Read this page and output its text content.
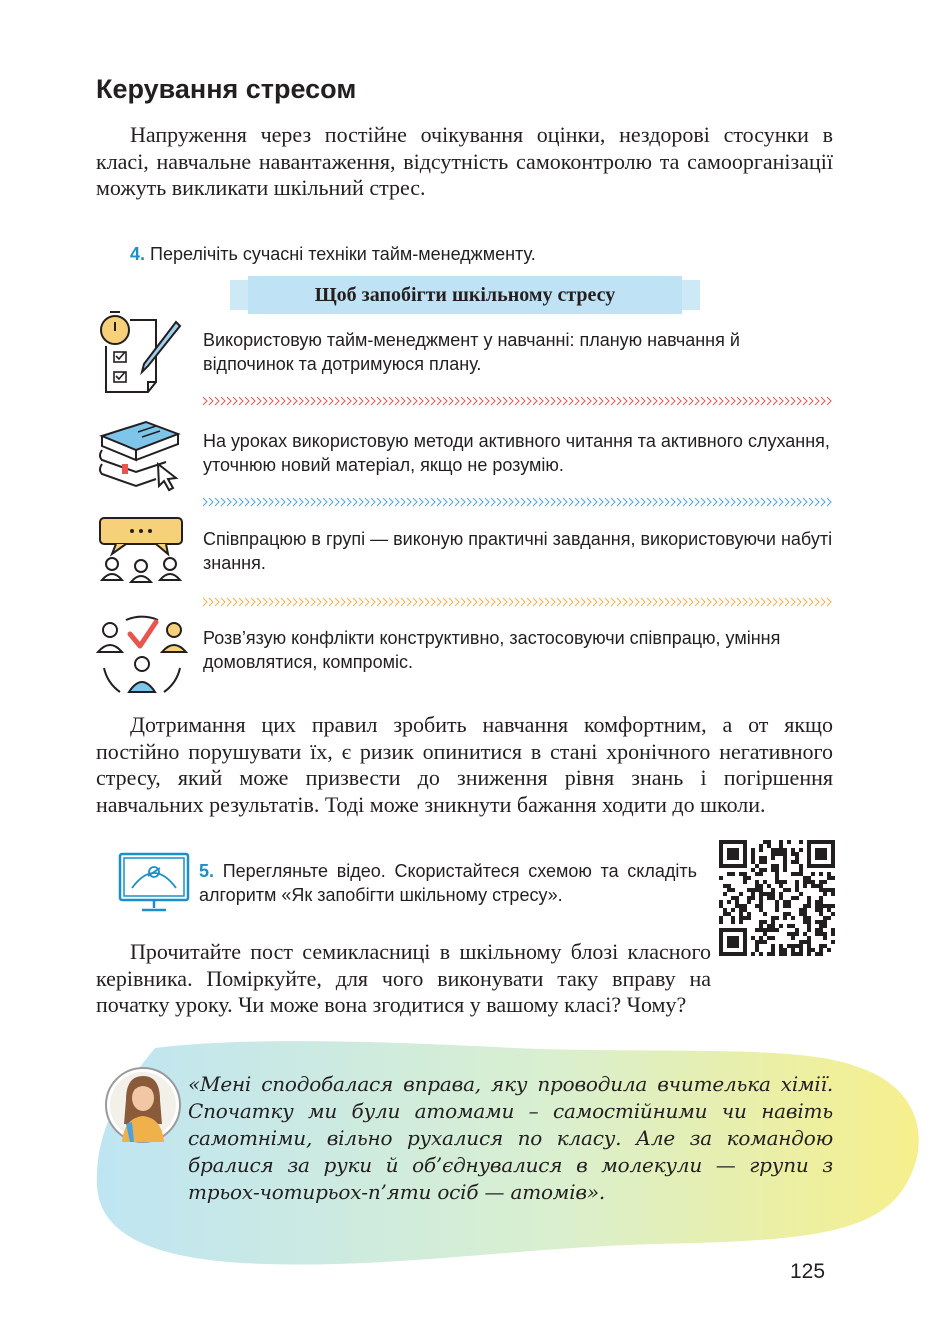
Керування стресом

Напруження через постійне очікування оцінки, нездорові стосунки в класі, навчальне навантаження, відсутність самоконтролю та самоорганізації можуть викликати шкільний стрес.

4. Перелічіть сучасні техніки тайм-менеджменту.
Щоб запобігти шкільному стресу
Використовую тайм-менеджмент у навчанні: планую навчання й відпочинок та дотримуюся плану.
На уроках використовую методи активного читання та активного слухання, уточнюю новий матеріал, якщо не розумію.
Співпрацюю в групі — виконую практичні завдання, використовуючи набуті знання.
Розв’язую конфлікти конструктивно, застосовуючи співпрацю, уміння домовлятися, компроміс.

Дотримання цих правил зробить навчання комфортним, а от якщо постійно порушувати їх, є ризик опинитися в стані хронічного негативного стресу, який може призвести до зниження рівня знань і погіршення навчальних результатів. Тоді може зникнути бажання ходити до школи.

5. Перегляньте відео. Скористайтеся схемою та складіть алгоритм «Як запобігти шкільному стресу».

Прочитайте пост семикласниці в шкільному блозі класного керівника. Поміркуйте, для чого виконувати таку вправу на початку уроку. Чи може вона згодитися у вашому класі? Чому?

«Мені сподобалася вправа, яку проводила вчителька хімії. Спочатку ми були атомами – самостійними чи навіть самотніми, вільно рухалися по класу. Але за командою бралися за руки й об’єднувалися в молекули — групи з трьох-чотирьох-п’яти осіб — атомів».

125
